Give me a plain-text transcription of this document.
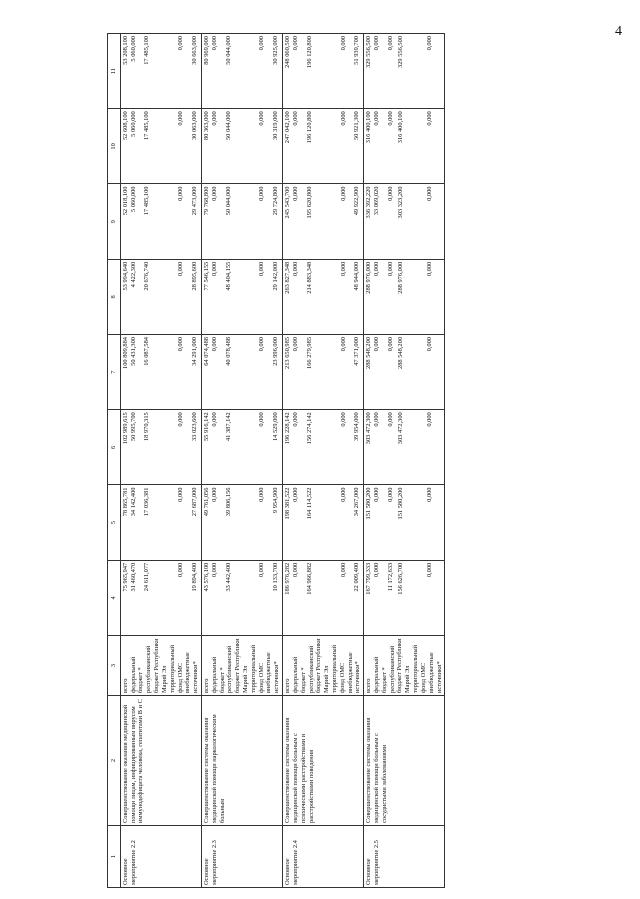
4
1	2	3	4	5	6	7	8	9	10	11
Основное мероприятие 2.2	Совершенствование оказания медицинской помощи лицам, инфицированным вирусом иммунодефицита человека, гепатитами B и C	всего федеральный бюджет * республиканский бюджет Республики Марий Эл территориальный фонд ОМС внебюджетные источники*	75 965,947 31 460,470 24 611,077 0,000 19 894,400	78 865,781 34 142,400 17 036,381 0,000 27 687,000	102 989,615 50 995,700 18 970,315 0,000 33 023,600	100 809,884 50 431,300 16 087,584 0,000 34 291,000	53 994,640 4 422,300 20 676,740 0,000 28 895,600	52 018,100 5 060,000 17 485,100 0,000 29 473,000	52 608,100 5 060,000 17 485,100 0,000 30 063,000	53 208,100 5 060,000 17 485,100 0,000 30 663,000

Основное мероприятие 2.3	Совершенствование системы оказания медицинской помощи наркологическим больным	всего федеральный бюджет * республиканский бюджет Республики Марий Эл территориальный фонд ОМС внебюджетные источники*	43 576,100 0,000 33 442,400 0,000 10 133,700	49 761,056 0,000 39 806,156 0,000 9 954,900	55 916,142 0,000 41 387,142 0,000 14 529,000	64 074,488 0,000 40 078,488 0,000 23 996,000	77 546,155 0,000 48 404,155 0,000 29 142,000	79 768,800 0,000 50 044,000 0,000 29 724,800	80 363,000 0,000 50 044,000 0,000 30 319,000	80 969,000 0,000 50 044,000 0,000 30 925,000

Основное мероприятие 2.4	Совершенствование системы оказания медицинской помощи больным с психическими расстройствами и расстройствами поведения	всего федеральный бюджет * республиканский бюджет Республики Марий Эл территориальный фонд ОМС внебюджетные источники*	186 976,282 0,000 164 966,882 0,000 22 009,400	198 381,522 0,000 164 114,522 0,000 34 267,000	196 228,142 0,000 156 274,142 0,000 39 954,000	213 650,985 0,000 166 279,985 0,000 47 371,000	263 827,348 0,000 214 883,348 0,000 48 944,000	245 543,700 0,000 195 620,800 0,000 49 922,900	247 042,100 0,000 196 120,800 0,000 50 921,300	248 060,500 0,000 196 120,800 0,000 51 939,700

Основное мероприятие 2.5	Совершенствование системы оказания медицинской помощи больным с сосудистыми заболеваниями	всего федеральный бюджет * республиканский бюджет Республики Марий Эл территориальный фонд ОМС внебюджетные источники*	167 799,333 0,000 11 172,633 156 626,700 0,000	151 580,200 0,000 0,000 151 580,200 0,000	303 472,300 0,000 0,000 303 472,300 0,000	288 548,200 0,000 0,000 288 548,200 0,000	288 976,000 0,000 0,000 288 976,000 0,000	336 392,220 33 069,020 0,000 303 323,200 0,000	316 400,100 0,000 0,000 316 400,100 0,000	329 556,500 0,000 0,000 329 556,500 0,000
